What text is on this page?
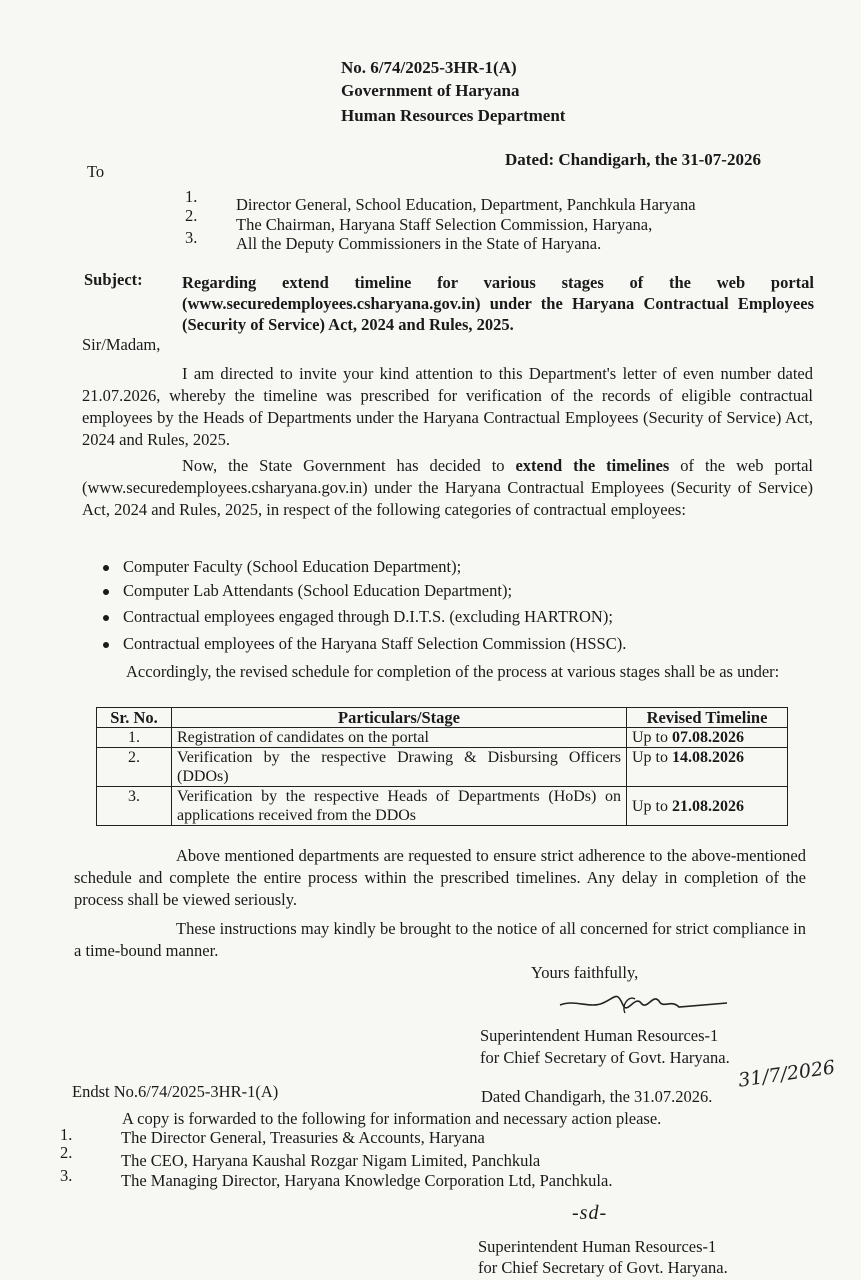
No. 6/74/2025-3HR-1(A)
Government of Haryana
Human Resources Department
Dated: Chandigarh, the 31-07-2026
To
1. Director General, School Education, Department, Panchkula Haryana
2. The Chairman, Haryana Staff Selection Commission, Haryana,
3. All the Deputy Commissioners in the State of Haryana.
Subject: Regarding extend timeline for various stages of the web portal (www.securedemployees.csharyana.gov.in) under the Haryana Contractual Employees (Security of Service) Act, 2024 and Rules, 2025.
Sir/Madam,
I am directed to invite your kind attention to this Department's letter of even number dated 21.07.2026, whereby the timeline was prescribed for verification of the records of eligible contractual employees by the Heads of Departments under the Haryana Contractual Employees (Security of Service) Act, 2024 and Rules, 2025.
Now, the State Government has decided to extend the timelines of the web portal (www.securedemployees.csharyana.gov.in) under the Haryana Contractual Employees (Security of Service) Act, 2024 and Rules, 2025, in respect of the following categories of contractual employees:
Computer Faculty (School Education Department);
Computer Lab Attendants (School Education Department);
Contractual employees engaged through D.I.T.S. (excluding HARTRON);
Contractual employees of the Haryana Staff Selection Commission (HSSC).
Accordingly, the revised schedule for completion of the process at various stages shall be as under:
Sr. No.	Particulars/Stage	Revised Timeline
1.	Registration of candidates on the portal	Up to 07.08.2026
2.	Verification by the respective Drawing & Disbursing Officers (DDOs)	Up to 14.08.2026
3.	Verification by the respective Heads of Departments (HoDs) on applications received from the DDOs	Up to 21.08.2026
Above mentioned departments are requested to ensure strict adherence to the above-mentioned schedule and complete the entire process within the prescribed timelines. Any delay in completion of the process shall be viewed seriously.
These instructions may kindly be brought to the notice of all concerned for strict compliance in a time-bound manner.
Yours faithfully,
Superintendent Human Resources-1
for Chief Secretary of Govt. Haryana. 31/7/2026
Endst No.6/74/2025-3HR-1(A)	Dated Chandigarh, the 31.07.2026.
A copy is forwarded to the following for information and necessary action please.
1.	The Director General, Treasuries & Accounts, Haryana
2.	The CEO, Haryana Kaushal Rozgar Nigam Limited, Panchkula
3.	The Managing Director, Haryana Knowledge Corporation Ltd, Panchkula.
-sd-
Superintendent Human Resources-1
for Chief Secretary of Govt. Haryana.
